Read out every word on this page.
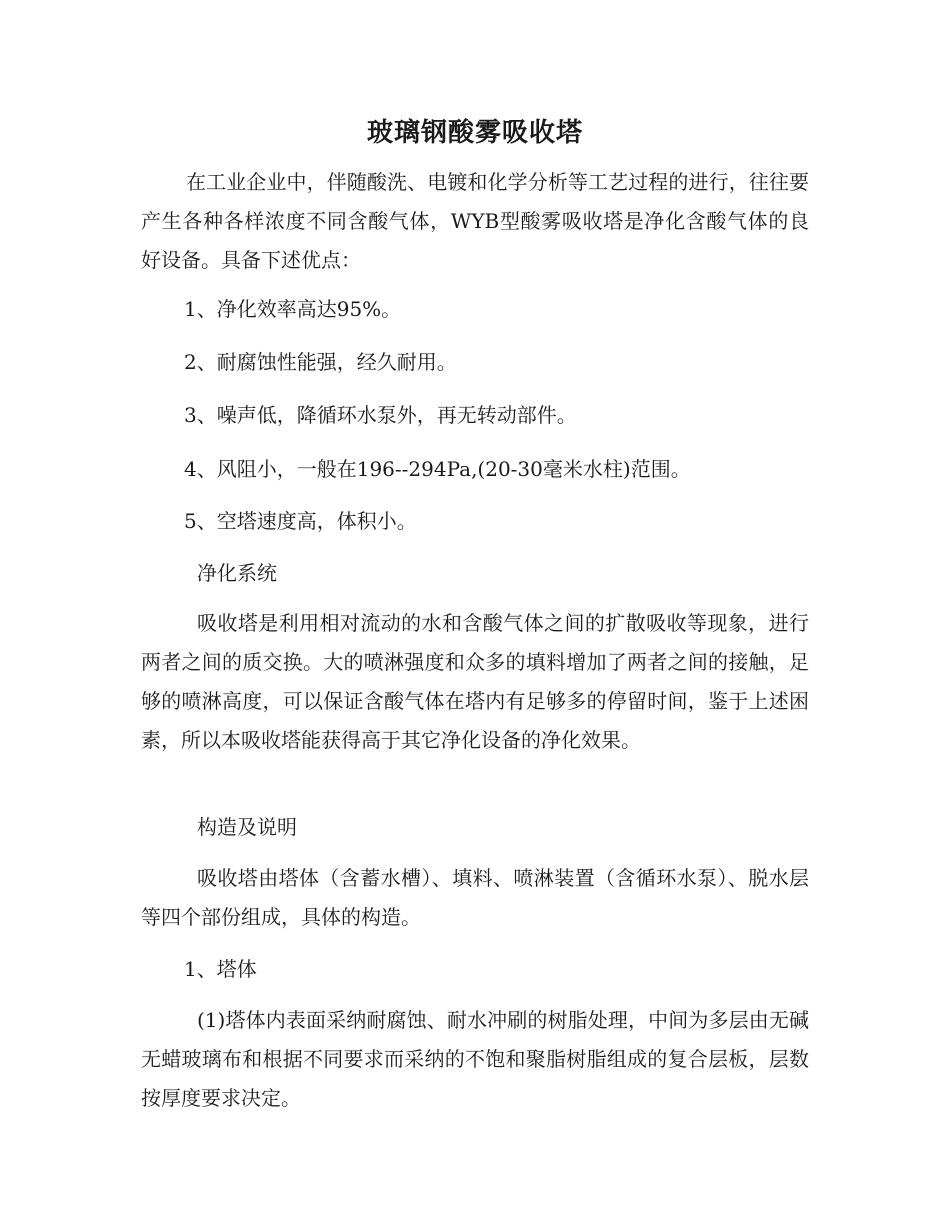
玻璃钢酸雾吸收塔

在工业企业中，伴随酸洗、电镀和化学分析等工艺过程的进行，往往要产生各种各样浓度不同含酸气体，WYB型酸雾吸收塔是净化含酸气体的良好设备。具备下述优点：

1、净化效率高达95%。
2、耐腐蚀性能强，经久耐用。
3、噪声低，降循环水泵外，再无转动部件。
4、风阻小，一般在196--294Pa,(20-30毫米水柱)范围。
5、空塔速度高，体积小。
净化系统

吸收塔是利用相对流动的水和含酸气体之间的扩散吸收等现象，进行两者之间的质交换。大的喷淋强度和众多的填料增加了两者之间的接触，足够的喷淋高度，可以保证含酸气体在塔内有足够多的停留时间，鉴于上述困素，所以本吸收塔能获得高于其它净化设备的净化效果。

构造及说明

吸收塔由塔体（含蓄水槽）、填料、喷淋装置（含循环水泵）、脱水层等四个部份组成，具体的构造。

1、塔体

(1)塔体内表面采纳耐腐蚀、耐水冲刷的树脂处理，中间为多层由无碱无蜡玻璃布和根据不同要求而采纳的不饱和聚脂树脂组成的复合层板，层数按厚度要求决定。
